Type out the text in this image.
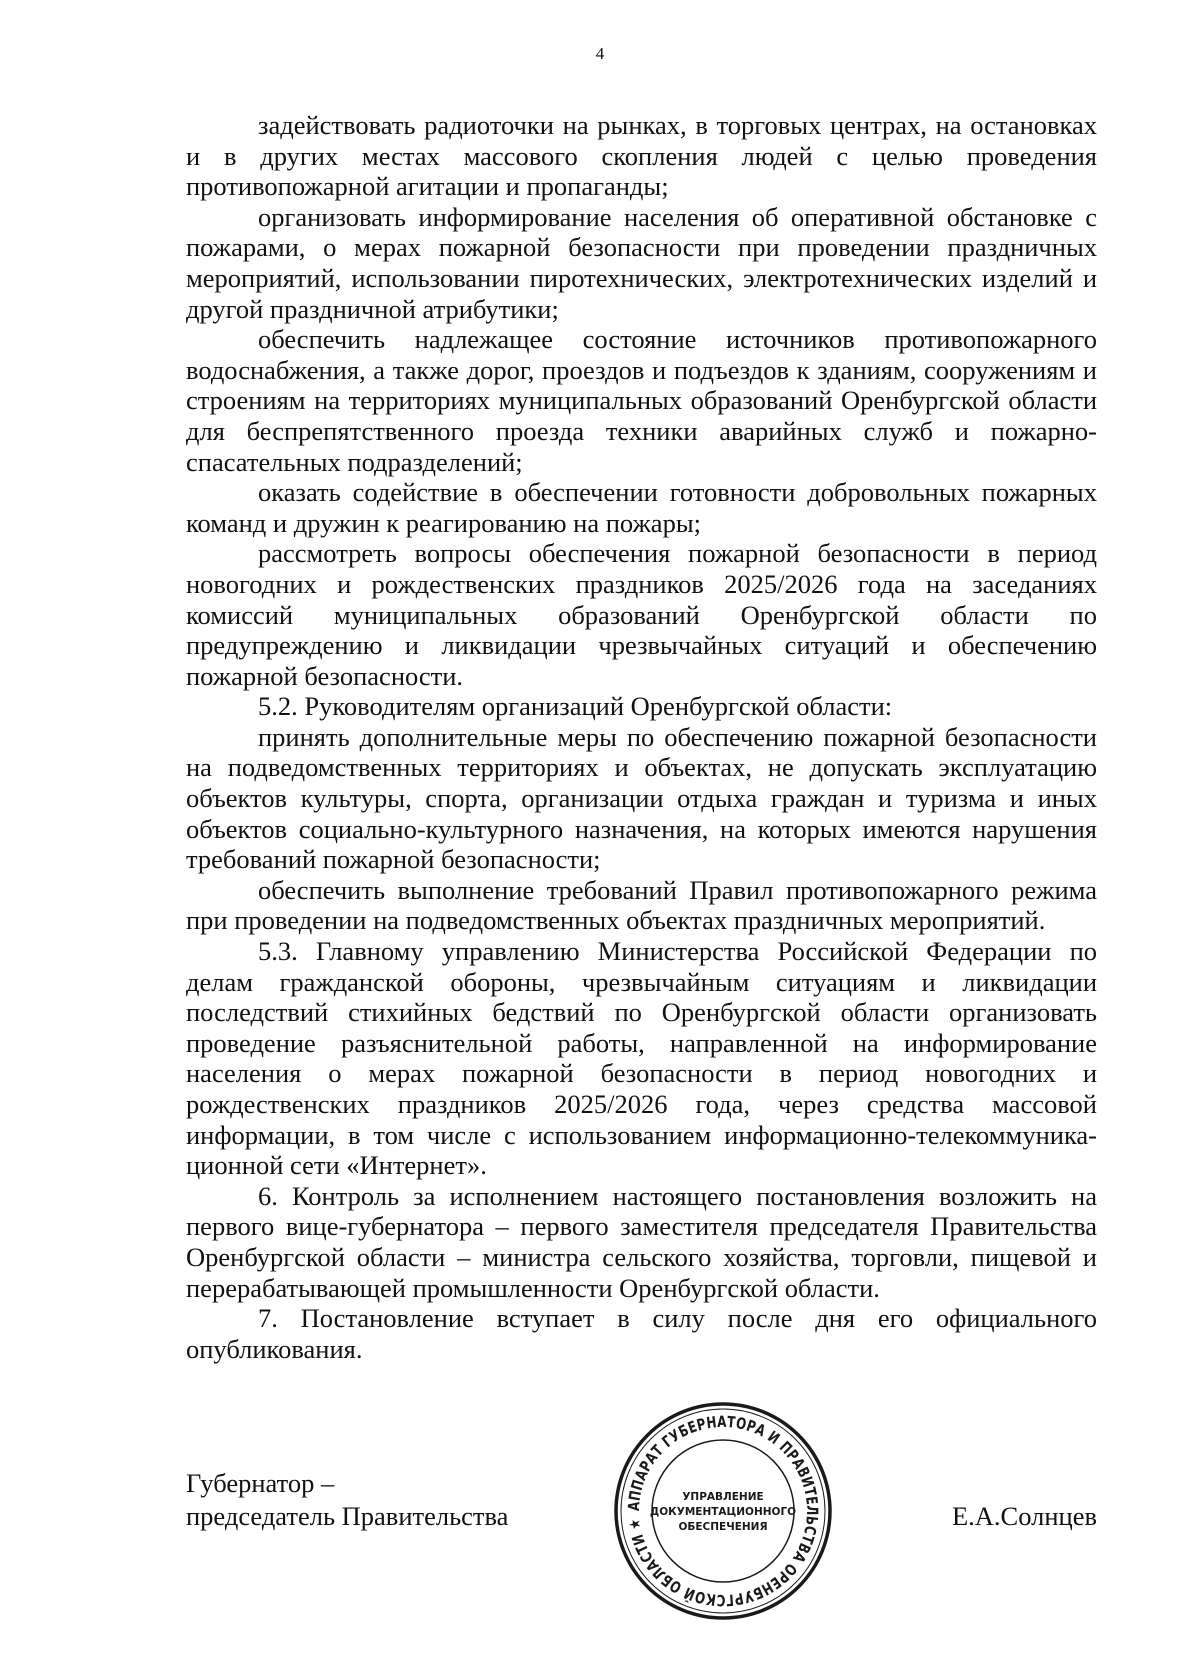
4

задействовать радиоточки на рынках, в торговых центрах, на остановках и в других местах массового скопления людей с целью проведения противопожарной агитации и пропаганды;

организовать информирование населения об оперативной обстановке с пожарами, о мерах пожарной безопасности при проведении праздничных мероприятий, использовании пиротехнических, электротехнических изделий и другой праздничной атрибутики;

обеспечить надлежащее состояние источников противопожарного водоснабжения, а также дорог, проездов и подъездов к зданиям, сооружениям и строениям на территориях муниципальных образований Оренбургской области для беспрепятственного проезда техники аварийных служб и пожарно-спасательных подразделений;

оказать содействие в обеспечении готовности добровольных пожарных команд и дружин к реагированию на пожары;

рассмотреть вопросы обеспечения пожарной безопасности в период новогодних и рождественских праздников 2025/2026 года на заседаниях комиссий муниципальных образований Оренбургской области по предупреждению и ликвидации чрезвычайных ситуаций и обеспечению пожарной безопасности.

5.2. Руководителям организаций Оренбургской области:

принять дополнительные меры по обеспечению пожарной безопасности на подведомственных территориях и объектах, не допускать эксплуатацию объектов культуры, спорта, организации отдыха граждан и туризма и иных объектов социально-культурного назначения, на которых имеются нарушения требований пожарной безопасности;

обеспечить выполнение требований Правил противопожарного режима при проведении на подведомственных объектах праздничных мероприятий.

5.3. Главному управлению Министерства Российской Федерации по делам гражданской обороны, чрезвычайным ситуациям и ликвидации последствий стихийных бедствий по Оренбургской области организовать проведение разъяснительной работы, направленной на информирование населения о мерах пожарной безопасности в период новогодних и рождественских праздников 2025/2026 года, через средства массовой информации, в том числе с использованием информационно-телекоммуника-ционной сети «Интернет».

6. Контроль за исполнением настоящего постановления возложить на первого вице-губернатора – первого заместителя председателя Правительства Оренбургской области – министра сельского хозяйства, торговли, пищевой и перерабатывающей промышленности Оренбургской области.

7. Постановление вступает в силу после дня его официального опубликования.

Губернатор –
председатель Правительства	АППАРАТ ГУБЕРНАТОРА И ПРАВИТЕЛЬСТВА ОРЕНБУРГСКОЙ ОБЛАСТИ ★
УПРАВЛЕНИЕ
ДОКУМЕНТАЦИОННОГО
ОБЕСПЕЧЕНИЯ	Е.А.Солнцев
